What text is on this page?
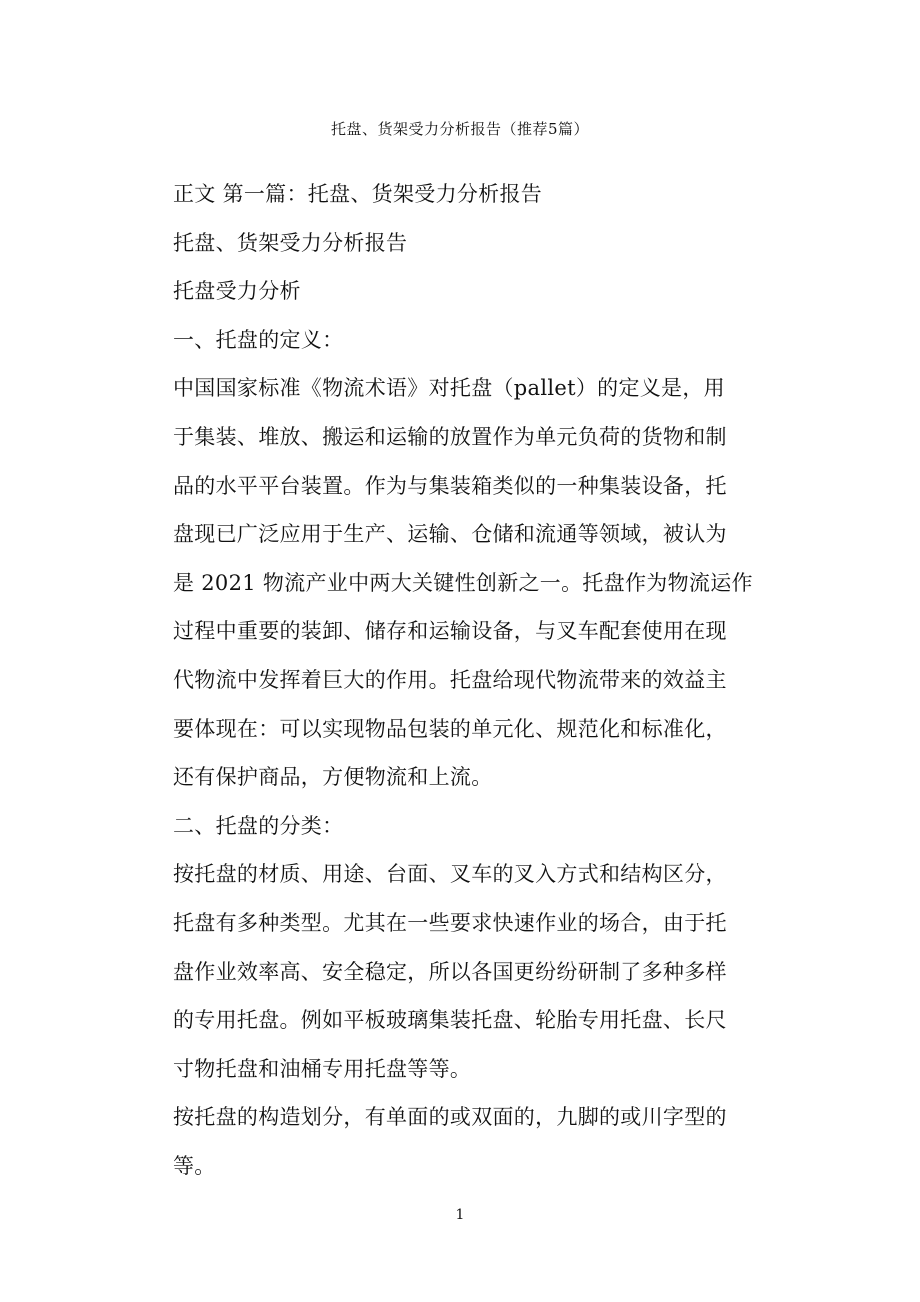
托盘、货架受力分析报告（推荐5篇）
正文 第一篇：托盘、货架受力分析报告
托盘、货架受力分析报告
托盘受力分析
一、托盘的定义：
中国国家标准《物流术语》对托盘（pallet）的定义是，用
于集装、堆放、搬运和运输的放置作为单元负荷的货物和制
品的水平平台装置。作为与集装箱类似的一种集装设备，托
盘现已广泛应用于生产、运输、仓储和流通等领域，被认为
是 2021 物流产业中两大关键性创新之一。托盘作为物流运作
过程中重要的装卸、储存和运输设备，与叉车配套使用在现
代物流中发挥着巨大的作用。托盘给现代物流带来的效益主
要体现在：可以实现物品包装的单元化、规范化和标准化，
还有保护商品，方便物流和上流。
二、托盘的分类：
按托盘的材质、用途、台面、叉车的叉入方式和结构区分，
托盘有多种类型。尤其在一些要求快速作业的场合，由于托
盘作业效率高、安全稳定，所以各国更纷纷研制了多种多样
的专用托盘。例如平板玻璃集装托盘、轮胎专用托盘、长尺
寸物托盘和油桶专用托盘等等。
按托盘的构造划分，有单面的或双面的，九脚的或川字型的
等。
1
